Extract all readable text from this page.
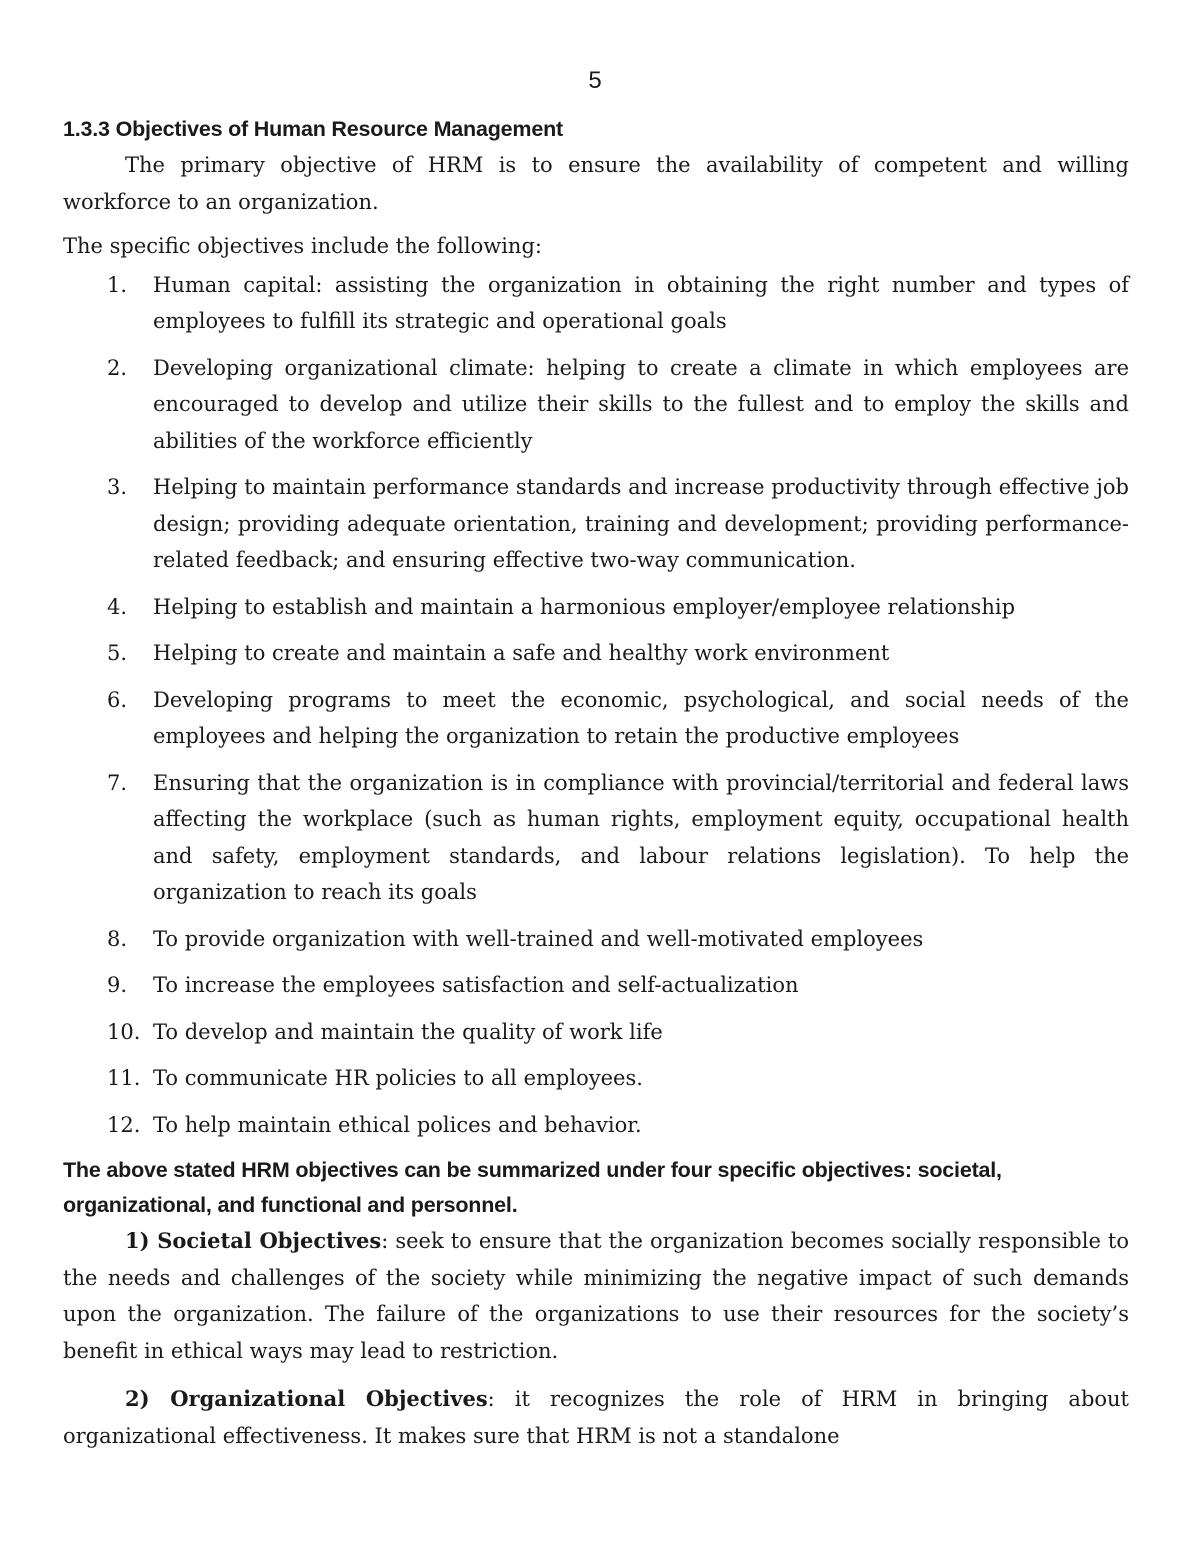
5
1.3.3 Objectives of Human Resource Management

The primary objective of HRM is to ensure the availability of competent and willing workforce to an organization.

The specific objectives include the following:

1.	Human capital: assisting the organization in obtaining the right number and types of employees to fulfill its strategic and operational goals
2.	Developing organizational climate: helping to create a climate in which employees are encouraged to develop and utilize their skills to the fullest and to employ the skills and abilities of the workforce efficiently
3.	Helping to maintain performance standards and increase productivity through effective job design; providing adequate orientation, training and development; providing performance-related feedback; and ensuring effective two-way communication.
4.	Helping to establish and maintain a harmonious employer/employee relationship
5.	Helping to create and maintain a safe and healthy work environment
6.	Developing programs to meet the economic, psychological, and social needs of the employees and helping the organization to retain the productive employees
7.	Ensuring that the organization is in compliance with provincial/territorial and federal laws affecting the workplace (such as human rights, employment equity, occupational health and safety, employment standards, and labour relations legislation). To help the organization to reach its goals
8.	To provide organization with well-trained and well-motivated employees
9.	To increase the employees satisfaction and self-actualization
10. To develop and maintain the quality of work life
11. To communicate HR policies to all employees.
12. To help maintain ethical polices and behavior.
The above stated HRM objectives can be summarized under four specific objectives: societal, organizational, and functional and personnel.

1) Societal Objectives: seek to ensure that the organization becomes socially responsible to the needs and challenges of the society while minimizing the negative impact of such demands upon the organization. The failure of the organizations to use their resources for the society’s benefit in ethical ways may lead to restriction.

2) Organizational Objectives: it recognizes the role of HRM in bringing about organizational effectiveness. It makes sure that HRM is not a standalone
